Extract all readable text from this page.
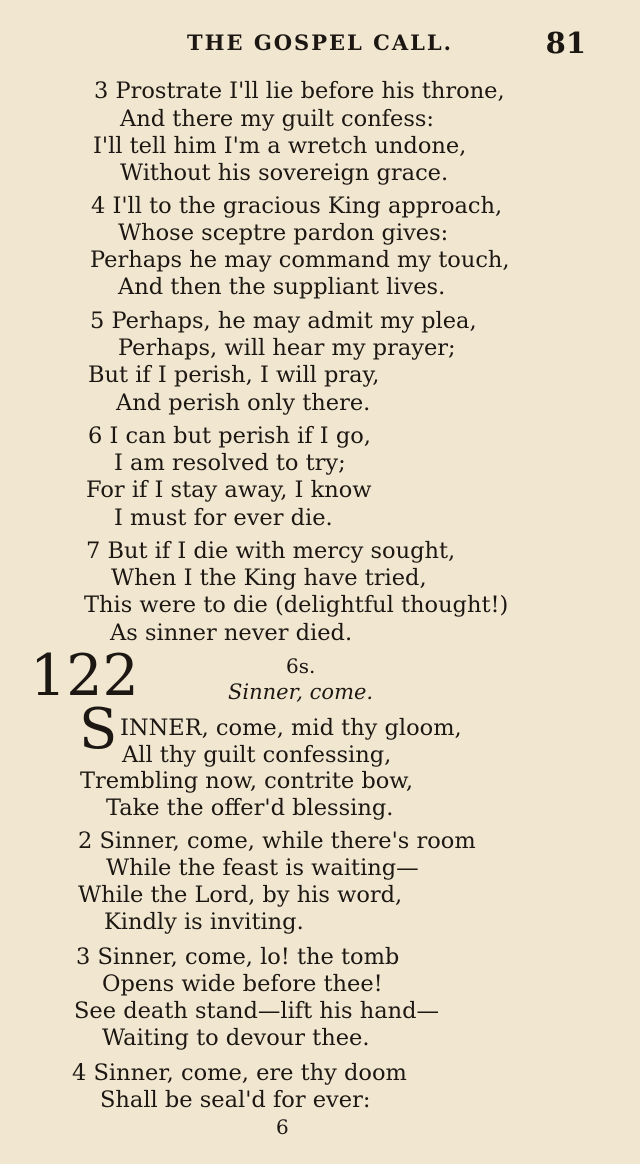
THE GOSPEL CALL.	81
3 Prostrate I'll lie before his throne,
And there my guilt confess:
I'll tell him I'm a wretch undone,
Without his sovereign grace.
4 I'll to the gracious King approach,
Whose sceptre pardon gives:
Perhaps he may command my touch,
And then the suppliant lives.
5 Perhaps, he may admit my plea,
Perhaps, will hear my prayer;
But if I perish, I will pray,
And perish only there.
6 I can but perish if I go,
I am resolved to try;
For if I stay away, I know
I must for ever die.
7 But if I die with mercy sought,
When I the King have tried,
This were to die (delightful thought!)
As sinner never died.
122	6s.
Sinner, come.
S INNER, come, mid thy gloom,
All thy guilt confessing,
Trembling now, contrite bow,
Take the offer'd blessing.
2 Sinner, come, while there's room
While the feast is waiting—
While the Lord, by his word,
Kindly is inviting.
3 Sinner, come, lo! the tomb
Opens wide before thee!
See death stand—lift his hand—
Waiting to devour thee.
4 Sinner, come, ere thy doom
Shall be seal'd for ever:
6
